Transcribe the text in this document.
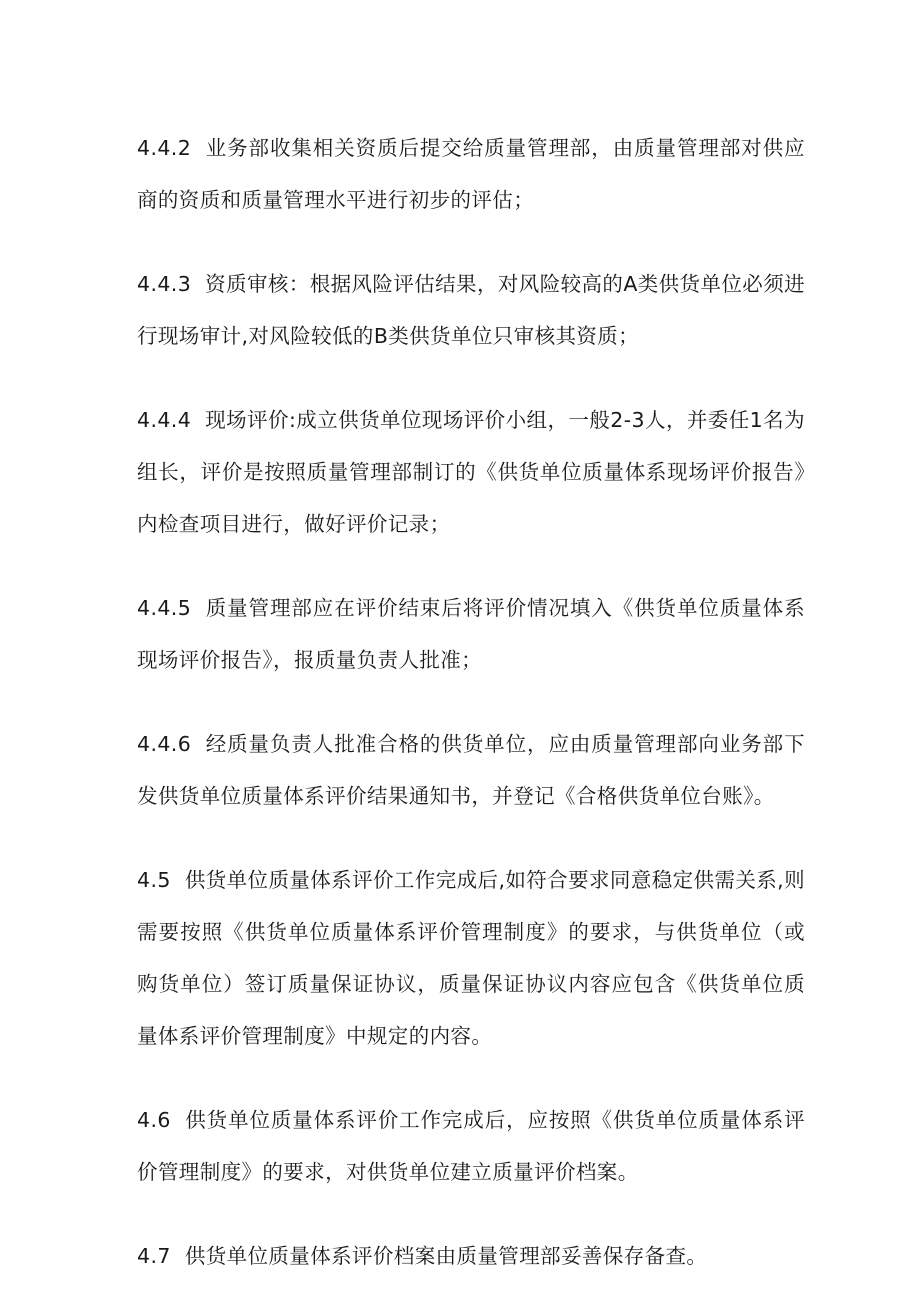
4.4.2 业务部收集相关资质后提交给质量管理部，由质量管理部对供应商的资质和质量管理水平进行初步的评估；

4.4.3 资质审核：根据风险评估结果，对风险较高的A类供货单位必须进行现场审计,对风险较低的B类供货单位只审核其资质；

4.4.4 现场评价:成立供货单位现场评价小组，一般2-3人，并委任1名为组长，评价是按照质量管理部制订的《供货单位质量体系现场评价报告》内检查项目进行，做好评价记录；

4.4.5 质量管理部应在评价结束后将评价情况填入《供货单位质量体系现场评价报告》，报质量负责人批准；

4.4.6 经质量负责人批准合格的供货单位，应由质量管理部向业务部下发供货单位质量体系评价结果通知书，并登记《合格供货单位台账》。

4.5 供货单位质量体系评价工作完成后,如符合要求同意稳定供需关系,则需要按照《供货单位质量体系评价管理制度》的要求，与供货单位（或购货单位）签订质量保证协议，质量保证协议内容应包含《供货单位质量体系评价管理制度》中规定的内容。

4.6 供货单位质量体系评价工作完成后，应按照《供货单位质量体系评价管理制度》的要求，对供货单位建立质量评价档案。

4.7 供货单位质量体系评价档案由质量管理部妥善保存备查。
